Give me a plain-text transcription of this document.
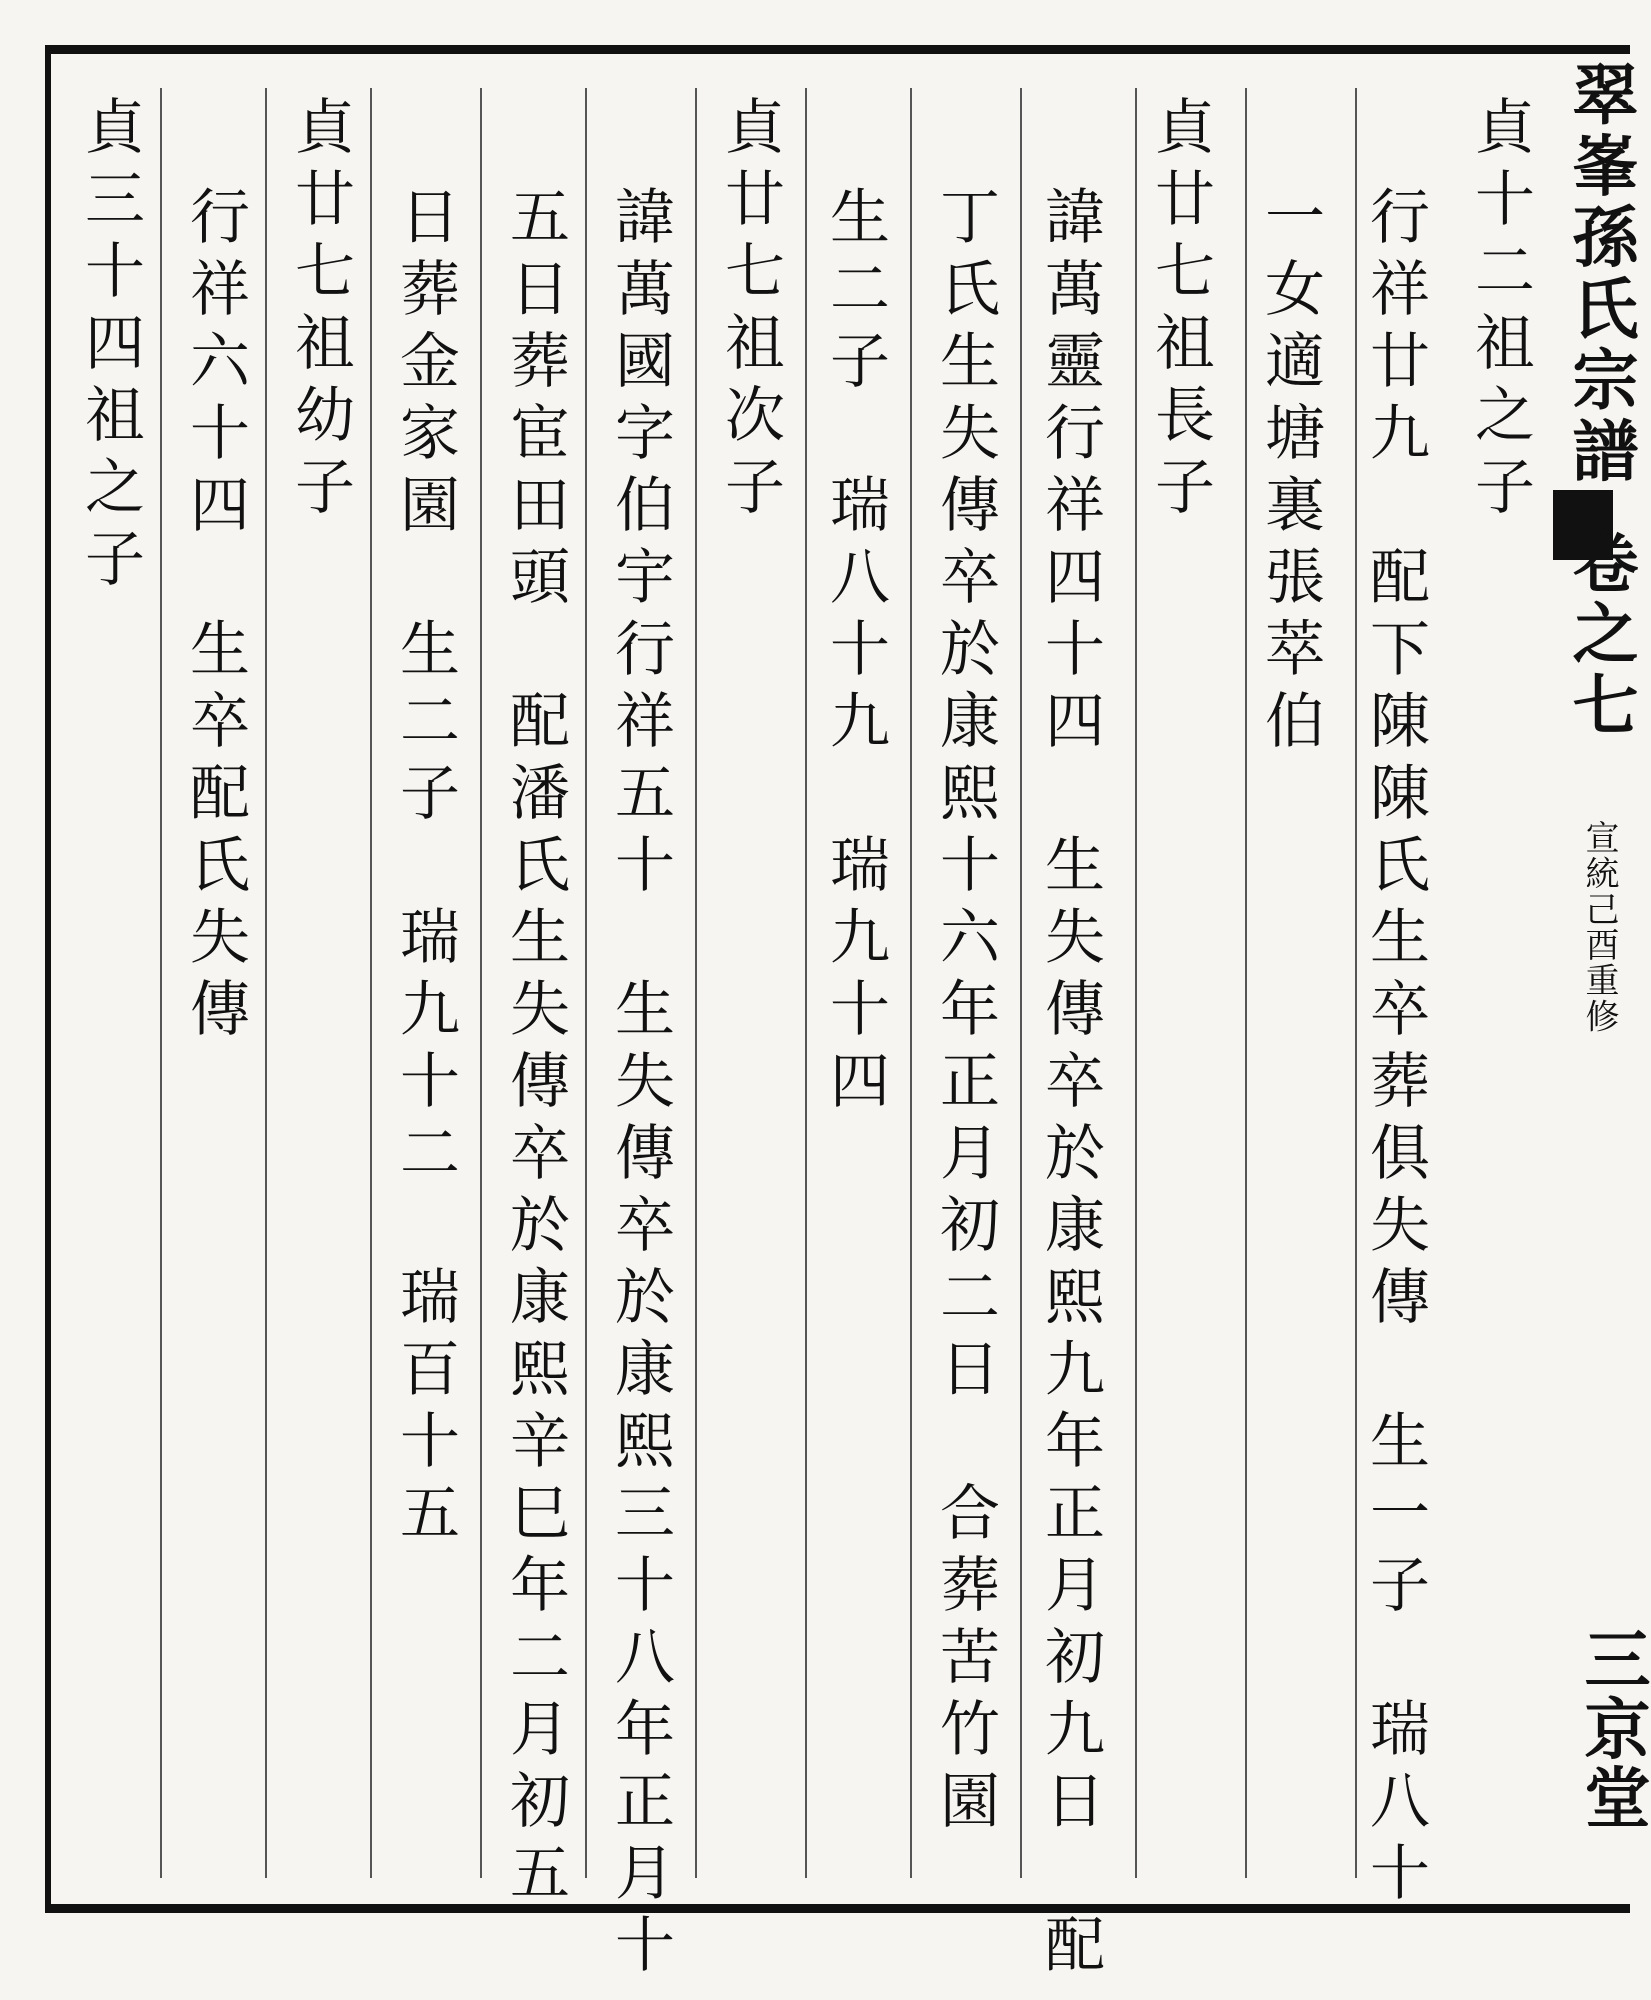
翠峯孫氏宗譜卷之七
宣統己酉重修
三京堂
貞十二祖之子
行祥廿九　配下陳陳氏生卒葬俱失傳　生一子　瑞八十
一女適塘裏張萃伯
貞廿七祖長子
諱萬靈行祥四十四　生失傳卒於康熙九年正月初九日　配
丁氏生失傳卒於康熙十六年正月初二日　合葬苦竹園
生二子　瑞八十九　瑞九十四
貞廿七祖次子
諱萬國字伯宇行祥五十　生失傳卒於康熙三十八年正月十
五日葬宦田頭　配潘氏生失傳卒於康熙辛巳年二月初五
日葬金家園　生二子　瑞九十二　瑞百十五
貞廿七祖幼子
行祥六十四　生卒配氏失傳
貞三十四祖之子
